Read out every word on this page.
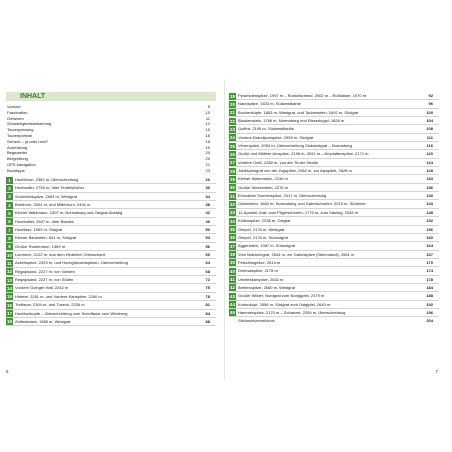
INHALT
Vorwort	5
Faszination	10
Gefahren	11
Schwierigkeitsbewertung	12
Tourenplanung	15
Tourenportrait	16
Sichere – ja oder nein?	18
Ausrüstung	19
Begewetter	20
Bergrettung	20
GPS-Navigation	21
Buchtipps	23
1	Hochthron, 2362 m, Überschreitung	26
2	Hochsaller, 2753 m, über Teufelslöcher	30
3	Schönfeldspitze, 2653 m, Westgrat	34
4	Breithorn, 2504 m, und Mitterhorn, 2491 m	38
5	Kleiner Watzmann, 2307 m, Normalweg und Ostgrat-Abstieg	42
6	Hochkalter, 2607 m, über Blaueis	46
7	Hochkisz, 1953 m, Ostgrat	50
8	Kleiner Barmstein, 841 m, Südgrat	53
9	Großer Rotofentum, 1369 m	56
10 Larchech, 2122 m, aus dem Hinterlich Griesscharrt	60
11 Ackerlspitze, 2329 m, und Hochgrubachspitzen, Überschreitung	64
12 Regalpsand, 2227 m, von Norden	68
13 Regalpsand, 2227 m, von Süden	72
14 Vordere Goinger Halt, 2242 m	75
15 Hintere, 2281 m, und Vordere Karlspitze, 2260 m	78
16 Treffauer, 2304 m, und Tuxeck, 2226 m	81
17 Hochiselkopfe – Überschreitung vom Scheffauer zum Wiesberg	84
18 Zettenkaiser, 1968 m, Westgrat	88
6
19 Pyramidenspitze, 1997 m – Rosselschmid, 2002 m – Roßkaiser, 1970 m	92
20 Naunspitze, 1633 m, Südwestkante	96
21 Buchenköpfe, 1805 m, Westgrat, und Taubenstein, 1692 m, Südgrat	100
22 Blankenstein, 1768 m, Normalweg und Risserkogel, 1826 m	104
23 Guffert, 2195 m, Südwestflanke	108
24 Vordere Brandjochspitze, 2559 m, Südgrat	111
25 Viererspitze, 2054 m, Überschreitung Südwestgrat – Normalweg	116
26 Große und Mittlere Arnspitze, 2196 m, 2091 m – Arnplattenspitze, 2171 m	120
27 Vordere Geiß, 2280 m, von der Tiroler Straße	124
28 Jubiläumsgrat von der Zugspitze, 2962 m, zur Alpspitze, 2628 m	128
29 Kleiner Waxenstein, 2136 m	133
30 Großer Waxenstein, 2276 m	136
31 Ehrwalder Sonnenspitze, 2417 m, Überschreitung	140
32 Geiselstein, 1884 m, Normalweg, und Gabelschrofen, 2010 m, Südrinne	143
33 12-Apostel-Grat: vom Pilgerschrofen, 1770 m, zum Säuling, 2048 m	148
34 Köllenspitze, 2238 m, Ostgrat	152
35 Gimpel, 2176 m, Westgrat	156
36 Gimpel, 2176 m, Südostgrat	160
37 Aggenstein, 1987 m, Südostgrat	164
38 Vom Maldonngrat, 2544 m, zur Gabelspitze (Steinmandl), 2581 m	167
39 Peischlingeltze, 2614 m	170
40 Dreimalspitze, 2178 m	174
41 Urbeleskarspitze, 2632 m	178
42 Brettenspitze, 2680 m, Westgrat	184
43 Großer Wilder, Nordgrat zum Nordgipfel, 2379 m	188
44 Krotenkopf, 2656 m, Südgrat zum Ostgipfel, 2640 m	192
45 Hammerspitze, 2170 m – Schanzer, 2259 m, Überschreitung	196
Stichwortverzeichnis	204
7
